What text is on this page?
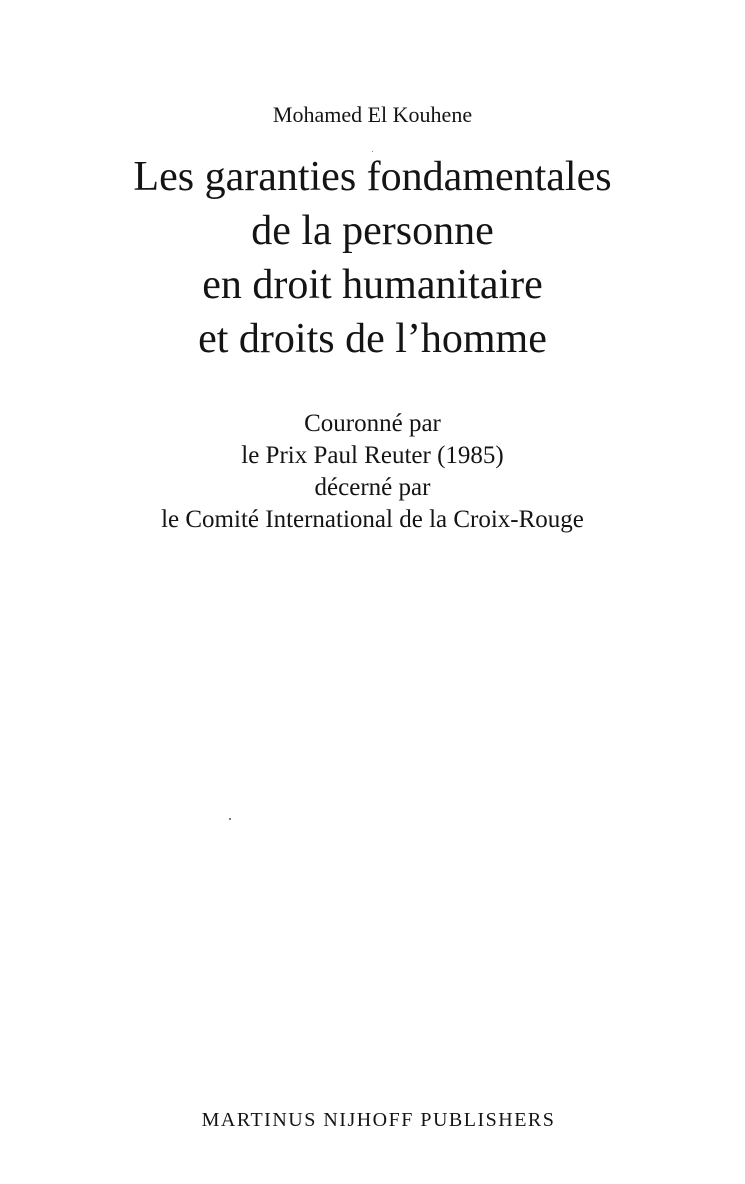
Mohamed El Kouhene
Les garanties fondamentales
de la personne
en droit humanitaire
et droits de l’homme
Couronné par
le Prix Paul Reuter (1985)
décerné par
le Comité International de la Croix-Rouge
MARTINUS NIJHOFF PUBLISHERS
